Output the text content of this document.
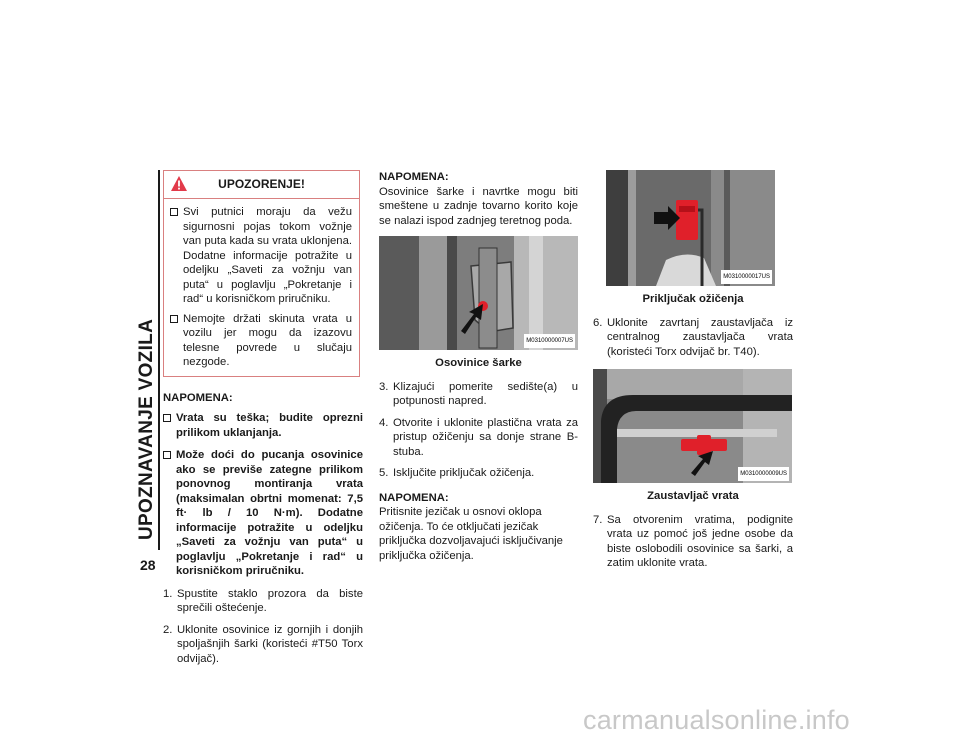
UPOZNAVANJE VOZILA
28
UPOZORENJE!
Svi putnici moraju da vežu sigurnosni pojas tokom vožnje van puta kada su vrata uklonjena. Dodatne informacije potražite u odeljku „Saveti za vožnju van puta“ u poglavlju „Pokretanje i rad“ u korisničkom priručniku.
Nemojte držati skinuta vrata u vozilu jer mogu da izazovu telesne povrede u slučaju nezgode.
NAPOMENA:
Vrata su teška; budite oprezni prilikom uklanjanja.
Može doći do pucanja osovinice ako se previše zategne prilikom ponovnog montiranja vrata (maksimalan obrtni momenat: 7,5 ft· lb / 10 N·m). Dodatne informacije potražite u odeljku „Saveti za vožnju van puta“ u poglavlju „Pokretanje i rad“ u korisničkom priručniku.
1. Spustite staklo prozora da biste sprečili oštećenje.
2. Uklonite osovinice iz gornjih i donjih spoljašnjih šarki (koristeći #T50 Torx odvijač).
NAPOMENA:
Osovinice šarke i navrtke mogu biti smeštene u zadnje tovarno korito koje se nalazi ispod zadnjeg teretnog poda.
M0310000007US
Osovinice šarke
3. Klizajući pomerite sedište(a) u potpunosti napred.
4. Otvorite i uklonite plastična vrata za pristup ožičenju sa donje strane B-stuba.
5. Isključite priključak ožičenja.
NAPOMENA:
Pritisnite jezičak u osnovi oklopa ožičenja. To će otključati jezičak priključka dozvoljavajući isključivanje priključka ožičenja.
M0310000017US
Priključak ožičenja
6. Uklonite zavrtanj zaustavljača iz centralnog zaustavljača vrata (koristeći Torx odvijač br. T40).
M0310000009US
Zaustavljač vrata
7. Sa otvorenim vratima, podignite vrata uz pomoć još jedne osobe da biste oslobodili osovinice sa šarki, a zatim uklonite vrata.
carmanualsonline.info
